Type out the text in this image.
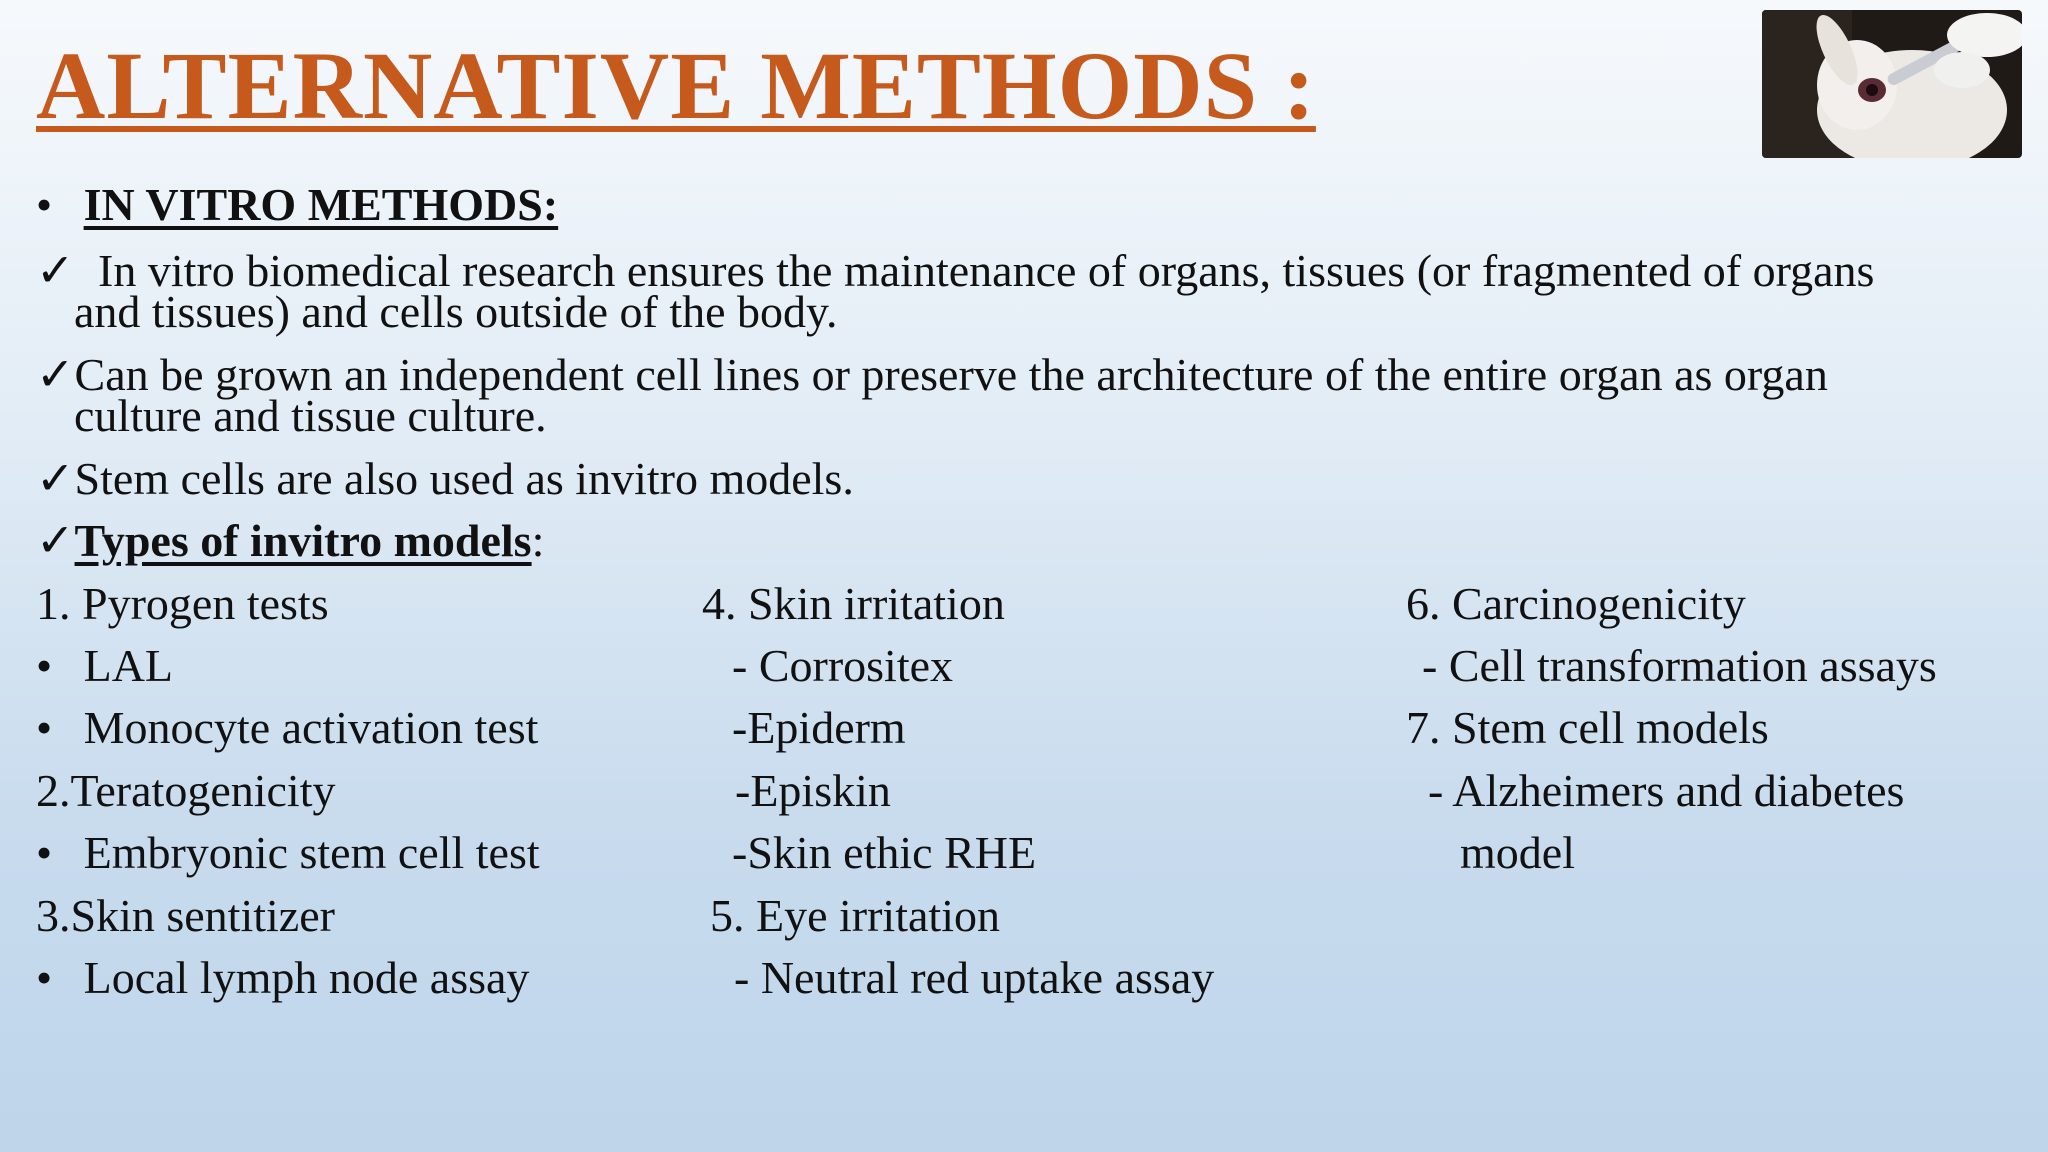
ALTERNATIVE METHODS :
• IN VITRO METHODS:
✓ In vitro biomedical research ensures the maintenance of organs, tissues (or fragmented of organs
and tissues) and cells outside of the body.
✓Can be grown an independent cell lines or preserve the architecture of the entire organ as organ
culture and tissue culture.
✓Stem cells are also used as invitro models.
✓Types of invitro models:
1. Pyrogen tests
• LAL
• Monocyte activation test
2.Teratogenicity
• Embryonic stem cell test
3.Skin sentitizer
• Local lymph node assay
4. Skin irritation
- Corrositex
-Epiderm
-Episkin
-Skin ethic RHE
5. Eye irritation
- Neutral red uptake assay
6. Carcinogenicity
- Cell transformation assays
7. Stem cell models
- Alzheimers and diabetes
model
